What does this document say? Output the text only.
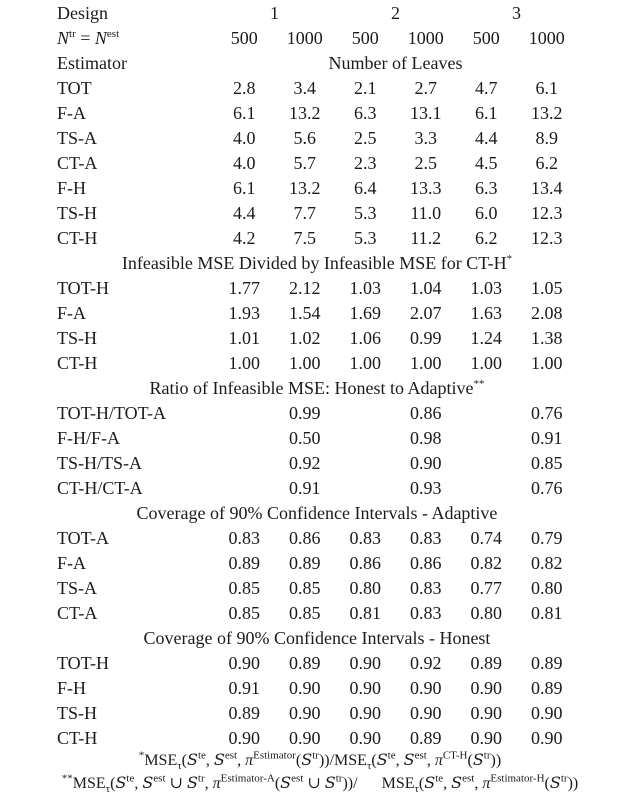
Design	1	2	3
$N^{tr} = N^{est}$	500	1000	500	1000	500	1000
Estimator	Number of Leaves
TOT	2.8	3.4	2.1	2.7	4.7	6.1
F-A	6.1	13.2	6.3	13.1	6.1	13.2
TS-A	4.0	5.6	2.5	3.3	4.4	8.9
CT-A	4.0	5.7	2.3	2.5	4.5	6.2
F-H	6.1	13.2	6.4	13.3	6.3	13.4
TS-H	4.4	7.7	5.3	11.0	6.0	12.3
CT-H	4.2	7.5	5.3	11.2	6.2	12.3
Infeasible MSE Divided by Infeasible MSE for CT-H*
TOT-H	1.77	2.12	1.03	1.04	1.03	1.05
F-A	1.93	1.54	1.69	2.07	1.63	2.08
TS-H	1.01	1.02	1.06	0.99	1.24	1.38
CT-H	1.00	1.00	1.00	1.00	1.00	1.00
Ratio of Infeasible MSE: Honest to Adaptive**
TOT-H/TOT-A	0.99	0.86	0.76
F-H/F-A	0.50	0.98	0.91
TS-H/TS-A	0.92	0.90	0.85
CT-H/CT-A	0.91	0.93	0.76
Coverage of 90% Confidence Intervals - Adaptive
TOT-A	0.83	0.86	0.83	0.83	0.74	0.79
F-A	0.89	0.89	0.86	0.86	0.82	0.82
TS-A	0.85	0.85	0.80	0.83	0.77	0.80
CT-A	0.85	0.85	0.81	0.83	0.80	0.81
Coverage of 90% Confidence Intervals - Honest
TOT-H	0.90	0.89	0.90	0.92	0.89	0.89
F-H	0.91	0.90	0.90	0.90	0.90	0.89
TS-H	0.89	0.90	0.90	0.90	0.90	0.90
CT-H	0.90	0.90	0.90	0.89	0.90	0.90
$^*MSE_\tau(S^{te}$, $S^{est}$, $\pi^{Estimator}(S^{tr}))/MSE_\tau(S^{te}$, $S^{est}$, $\pi^{CT-H}(S^{tr})$)
$^{**}MSE_\tau(S^{te}$, $S^{est}$ ∪ $S^{tr}$, $\pi^{Estimator-A}(S^{est}$ ∪ $S^{tr}))/$ $MSE_\tau(S^{te}$, $S^{est}$, $\pi^{Estimator-H}(S^{tr})$)
